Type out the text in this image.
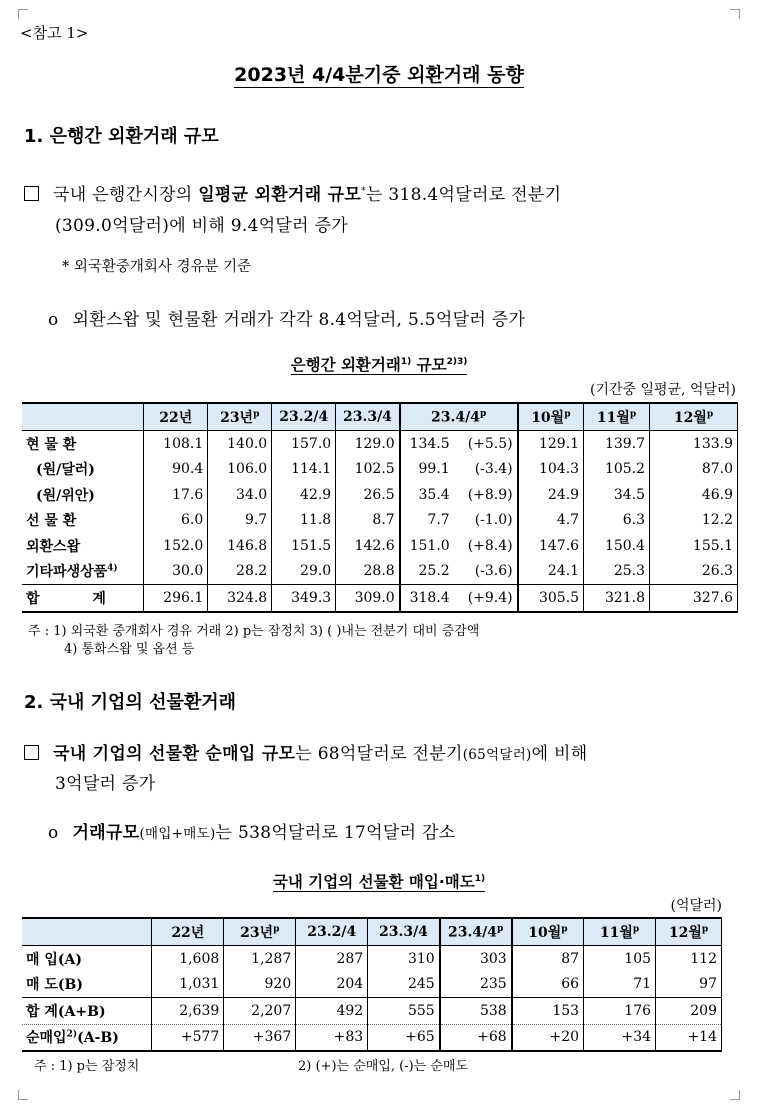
<참고 1>
2023년 4/4분기중 외환거래 동향
1. 은행간 외환거래 규모
국내 은행간시장의 일평균 외환거래 규모*는 318.4억달러로 전분기
(309.0억달러)에 비해 9.4억달러 증가
* 외국환중개회사 경유분 기준
o 외환스왑 및 현물환 거래가 각각 8.4억달러, 5.5억달러 증가
은행간 외환거래$^{1)}$ 규모$^{2)3)}$
(기간중 일평균, 억달러)
	22년	23년$^p$	23.2/4	23.3/4	23.4/4$^p$		10월$^p$	11월$^p$	12월$^p$
현 물 환	108.1	140.0	157.0	129.0	134.5	(+5.5)	129.1	139.7	133.9
(원/달러)	90.4	106.0	114.1	102.5	99.1	(-3.4)	104.3	105.2	87.0
(원/위안)	17.6	34.0	42.9	26.5	35.4	(+8.9)	24.9	34.5	46.9
선 물 환	6.0	9.7	11.8	8.7	7.7	(-1.0)	4.7	6.3	12.2
외환스왑	152.0	146.8	151.5	142.6	151.0	(+8.4)	147.6	150.4	155.1
기타파생상품$^{4)}$	30.0	28.2	29.0	28.8	25.2	(-3.6)	24.1	25.3	26.3
합 계	296.1	324.8	349.3	309.0	318.4	(+9.4)	305.5	321.8	327.6
주 : 1) 외국환 중개회사 경유 거래 2) p는 잠정치 3) ( )내는 전분기 대비 증감액
4) 통화스왑 및 옵션 등
2. 국내 기업의 선물환거래
국내 기업의 선물환 순매입 규모는 68억달러로 전분기(65억달러)에 비해
3억달러 증가
o 거래규모(매입+매도)는 538억달러로 17억달러 감소
국내 기업의 선물환 매입·매도$^{1)}$
(억달러)
	22년	23년$^p$	23.2/4	23.3/4	23.4/4$^p$	10월$^p$	11월$^p$	12월$^p$
매 입(A)	1,608	1,287	287	310	303	87	105	112
매 도(B)	1,031	920	204	245	235	66	71	97
합 계(A+B)	2,639	2,207	492	555	538	153	176	209
순매입$^{2)}$(A-B)	+577	+367	+83	+65	+68	+20	+34	+14
주 : 1) p는 잠정치	2) (+)는 순매입, (-)는 순매도
